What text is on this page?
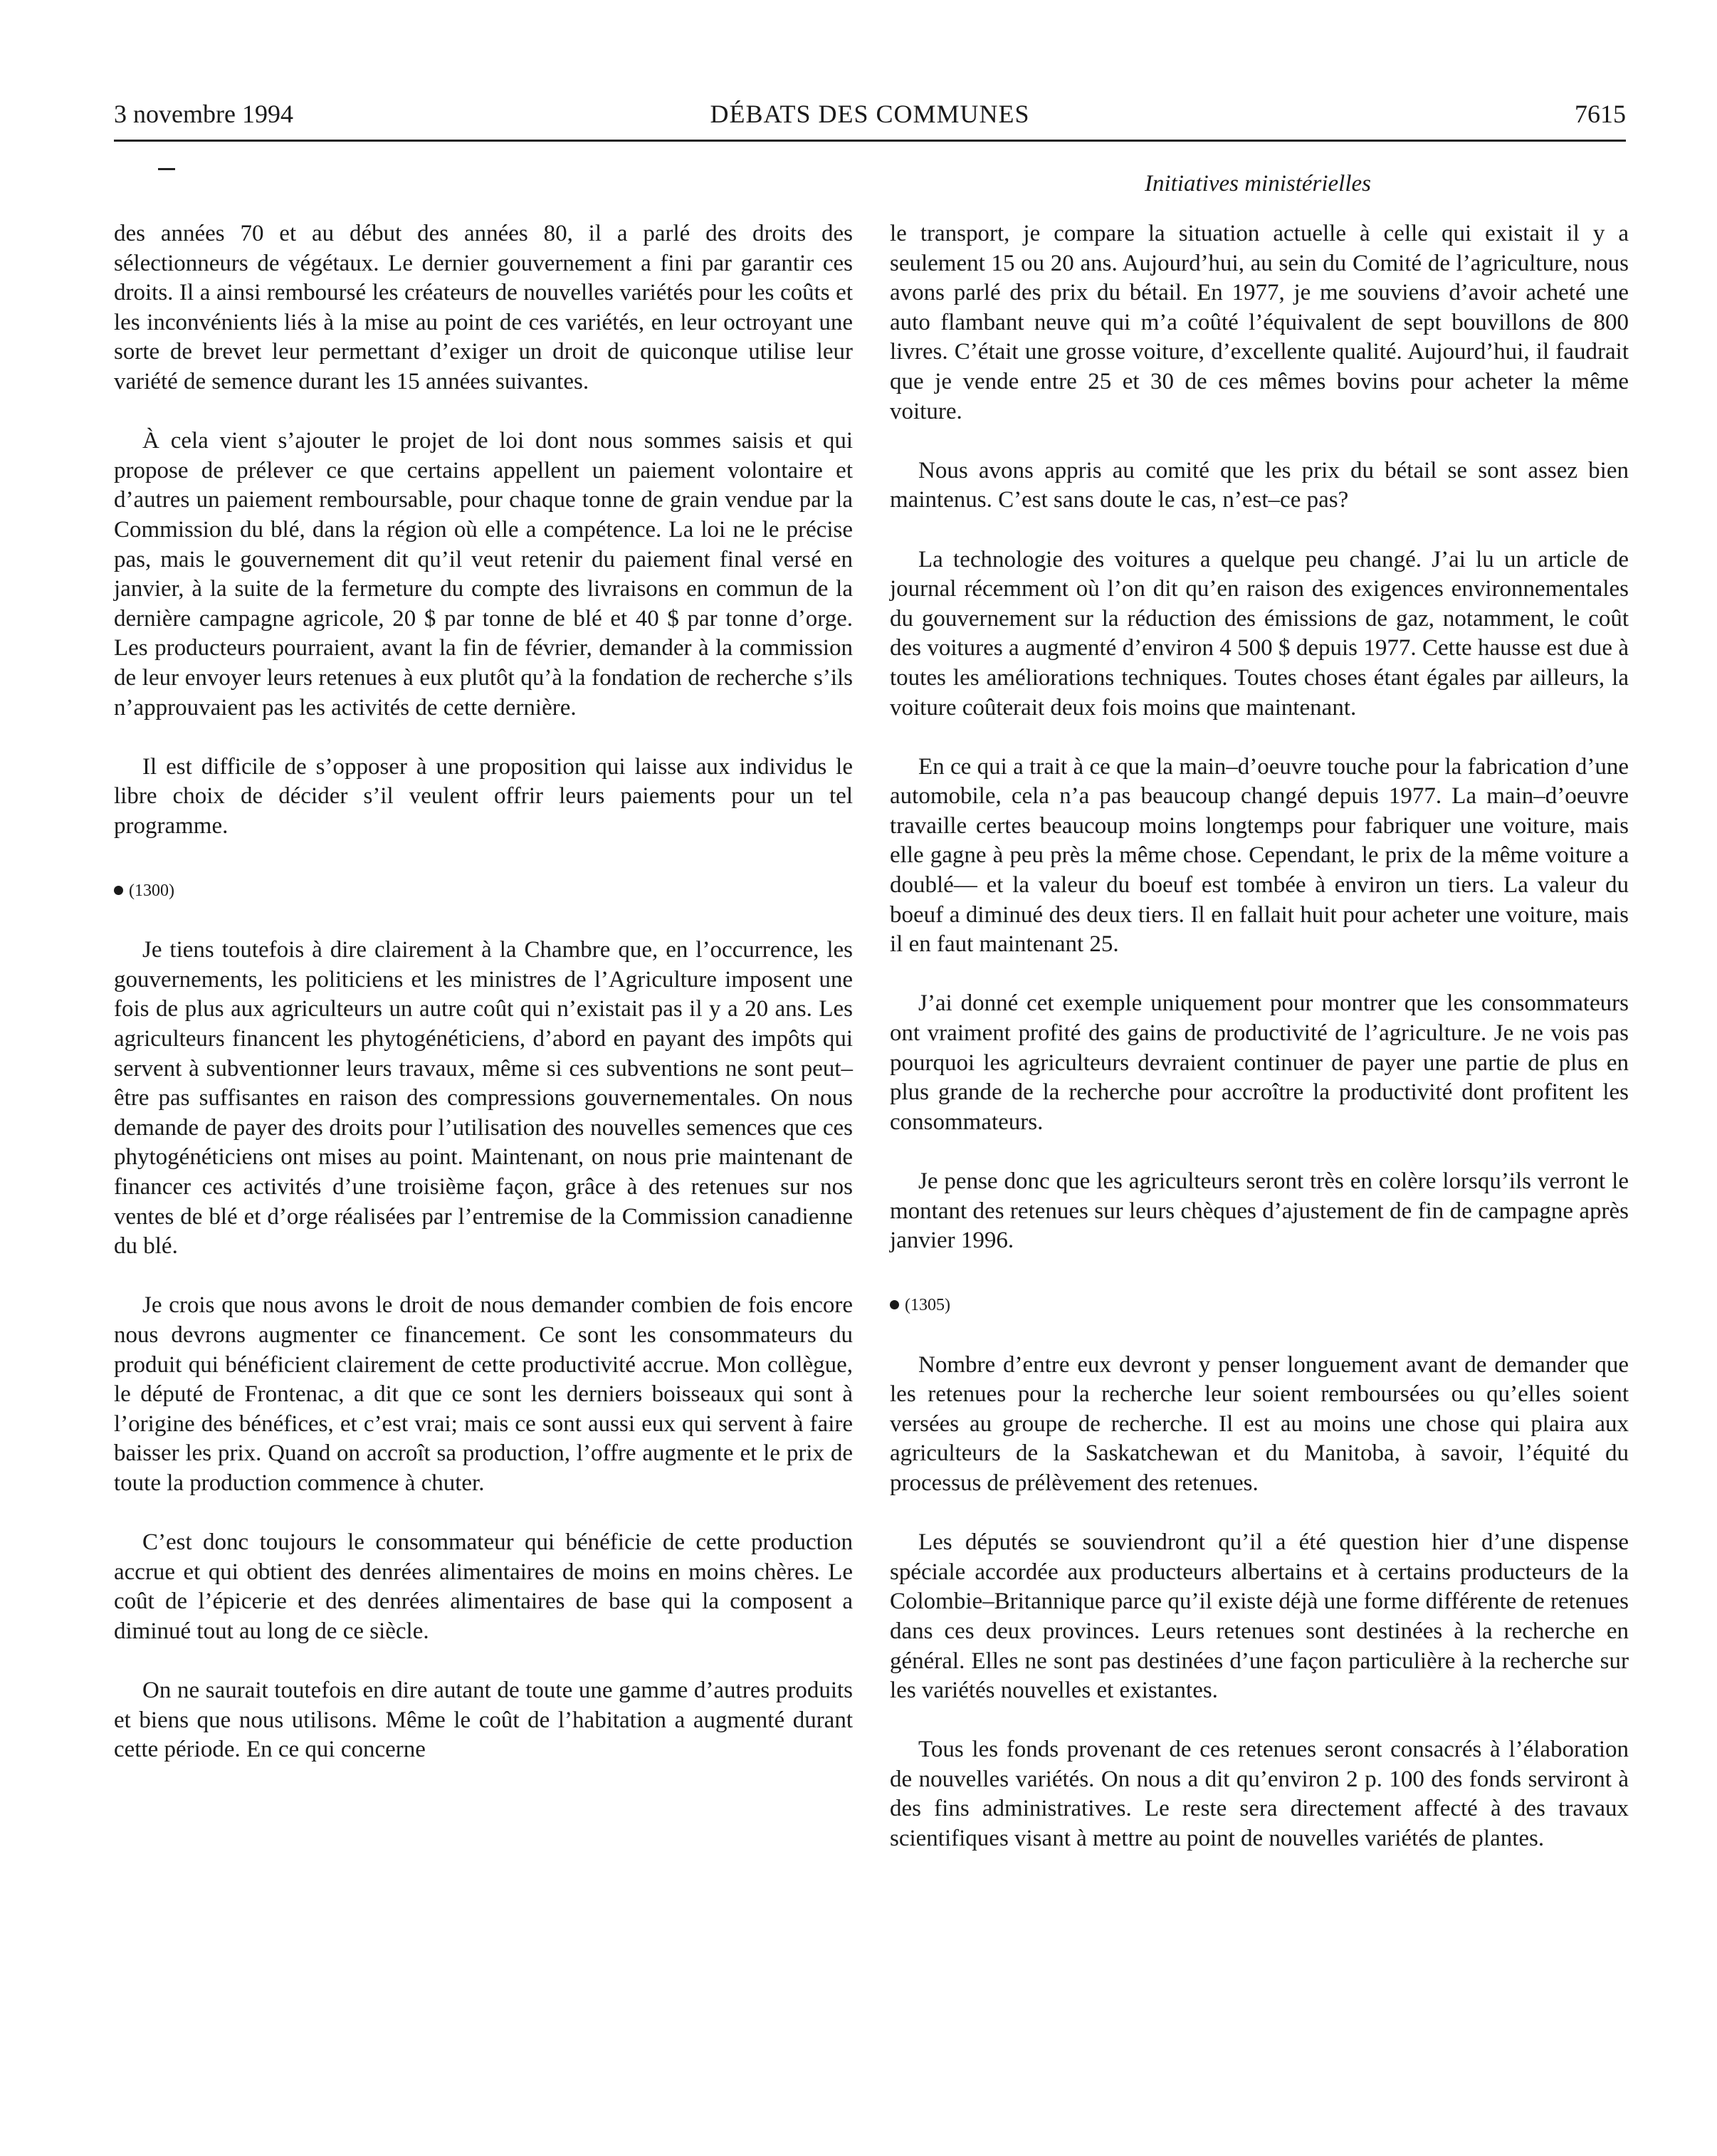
3 novembre 1994	DÉBATS DES COMMUNES	7615
Initiatives ministérielles

des années 70 et au début des années 80, il a parlé des droits des sélectionneurs de végétaux. Le dernier gouvernement a fini par garantir ces droits. Il a ainsi remboursé les créateurs de nouvelles variétés pour les coûts et les inconvénients liés à la mise au point de ces variétés, en leur octroyant une sorte de brevet leur permettant d’exiger un droit de quiconque utilise leur variété de semence durant les 15 années suivantes.

À cela vient s’ajouter le projet de loi dont nous sommes saisis et qui propose de prélever ce que certains appellent un paiement volontaire et d’autres un paiement remboursable, pour chaque tonne de grain vendue par la Commission du blé, dans la région où elle a compétence. La loi ne le précise pas, mais le gouvernement dit qu’il veut retenir du paiement final versé en janvier, à la suite de la fermeture du compte des livraisons en commun de la dernière campagne agricole, 20 $ par tonne de blé et 40 $ par tonne d’orge. Les producteurs pourraient, avant la fin de février, demander à la commission de leur envoyer leurs retenues à eux plutôt qu’à la fondation de recherche s’ils n’approuvaient pas les activités de cette dernière.

Il est difficile de s’opposer à une proposition qui laisse aux individus le libre choix de décider s’il veulent offrir leurs paiements pour un tel programme.

(1300)

Je tiens toutefois à dire clairement à la Chambre que, en l’occurrence, les gouvernements, les politiciens et les ministres de l’Agriculture imposent une fois de plus aux agriculteurs un autre coût qui n’existait pas il y a 20 ans. Les agriculteurs financent les phytogénéticiens, d’abord en payant des impôts qui servent à subventionner leurs travaux, même si ces subventions ne sont peut–être pas suffisantes en raison des compressions gouvernementales. On nous demande de payer des droits pour l’utilisation des nouvelles semences que ces phytogénéticiens ont mises au point. Maintenant, on nous prie maintenant de financer ces activités d’une troisième façon, grâce à des retenues sur nos ventes de blé et d’orge réalisées par l’entremise de la Commission canadienne du blé.

Je crois que nous avons le droit de nous demander combien de fois encore nous devrons augmenter ce financement. Ce sont les consommateurs du produit qui bénéficient clairement de cette productivité accrue. Mon collègue, le député de Frontenac, a dit que ce sont les derniers boisseaux qui sont à l’origine des bénéfices, et c’est vrai; mais ce sont aussi eux qui servent à faire baisser les prix. Quand on accroît sa production, l’offre augmente et le prix de toute la production commence à chuter.

C’est donc toujours le consommateur qui bénéficie de cette production accrue et qui obtient des denrées alimentaires de moins en moins chères. Le coût de l’épicerie et des denrées alimentaires de base qui la composent a diminué tout au long de ce siècle.

On ne saurait toutefois en dire autant de toute une gamme d’autres produits et biens que nous utilisons. Même le coût de l’habitation a augmenté durant cette période. En ce qui concerne

le transport, je compare la situation actuelle à celle qui existait il y a seulement 15 ou 20 ans. Aujourd’hui, au sein du Comité de l’agriculture, nous avons parlé des prix du bétail. En 1977, je me souviens d’avoir acheté une auto flambant neuve qui m’a coûté l’équivalent de sept bouvillons de 800 livres. C’était une grosse voiture, d’excellente qualité. Aujourd’hui, il faudrait que je vende entre 25 et 30 de ces mêmes bovins pour acheter la même voiture.

Nous avons appris au comité que les prix du bétail se sont assez bien maintenus. C’est sans doute le cas, n’est–ce pas?

La technologie des voitures a quelque peu changé. J’ai lu un article de journal récemment où l’on dit qu’en raison des exigences environnementales du gouvernement sur la réduction des émissions de gaz, notamment, le coût des voitures a augmenté d’environ 4 500 $ depuis 1977. Cette hausse est due à toutes les améliorations techniques. Toutes choses étant égales par ailleurs, la voiture coûterait deux fois moins que maintenant.

En ce qui a trait à ce que la main–d’oeuvre touche pour la fabrication d’une automobile, cela n’a pas beaucoup changé depuis 1977. La main–d’oeuvre travaille certes beaucoup moins longtemps pour fabriquer une voiture, mais elle gagne à peu près la même chose. Cependant, le prix de la même voiture a doublé— et la valeur du boeuf est tombée à environ un tiers. La valeur du boeuf a diminué des deux tiers. Il en fallait huit pour acheter une voiture, mais il en faut maintenant 25.

J’ai donné cet exemple uniquement pour montrer que les consommateurs ont vraiment profité des gains de productivité de l’agriculture. Je ne vois pas pourquoi les agriculteurs devraient continuer de payer une partie de plus en plus grande de la recherche pour accroître la productivité dont profitent les consommateurs.

Je pense donc que les agriculteurs seront très en colère lorsqu’ils verront le montant des retenues sur leurs chèques d’ajustement de fin de campagne après janvier 1996.

(1305)

Nombre d’entre eux devront y penser longuement avant de demander que les retenues pour la recherche leur soient remboursées ou qu’elles soient versées au groupe de recherche. Il est au moins une chose qui plaira aux agriculteurs de la Saskatchewan et du Manitoba, à savoir, l’équité du processus de prélèvement des retenues.

Les députés se souviendront qu’il a été question hier d’une dispense spéciale accordée aux producteurs albertains et à certains producteurs de la Colombie–Britannique parce qu’il existe déjà une forme différente de retenues dans ces deux provinces. Leurs retenues sont destinées à la recherche en général. Elles ne sont pas destinées d’une façon particulière à la recherche sur les variétés nouvelles et existantes.

Tous les fonds provenant de ces retenues seront consacrés à l’élaboration de nouvelles variétés. On nous a dit qu’environ 2 p. 100 des fonds serviront à des fins administratives. Le reste sera directement affecté à des travaux scientifiques visant à mettre au point de nouvelles variétés de plantes.
